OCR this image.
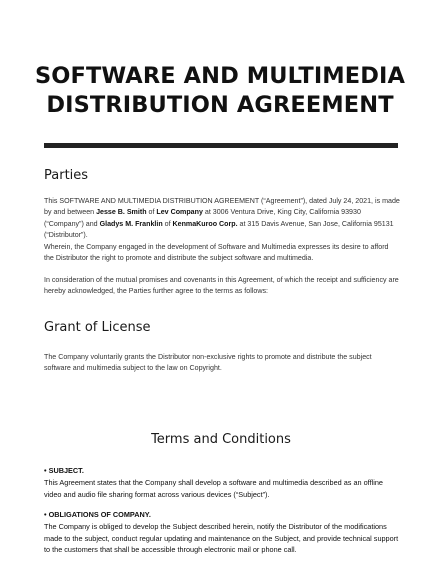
SOFTWARE AND MULTIMEDIA DISTRIBUTION AGREEMENT
Parties

This SOFTWARE AND MULTIMEDIA DISTRIBUTION AGREEMENT (“Agreement”), dated July 24, 2021, is made by and between Jesse B. Smith of Lev Company at 3006 Ventura Drive, King City, California 93930 (“Company”) and Gladys M. Franklin of KenmaKuroo Corp. at 315 Davis Avenue, San Jose, California 95131 (“Distributor”).

Wherein, the Company engaged in the development of Software and Multimedia expresses its desire to afford the Distributor the right to promote and distribute the subject software and multimedia.

In consideration of the mutual promises and covenants in this Agreement, of which the receipt and sufficiency are hereby acknowledged, the Parties further agree to the terms as follows:

Grant of License

The Company voluntarily grants the Distributor non-exclusive rights to promote and distribute the subject software and multimedia subject to the law on Copyright.

Terms and Conditions

• SUBJECT.

This Agreement states that the Company shall develop a software and multimedia described as an offline video and audio file sharing format across various devices (“Subject”).

• OBLIGATIONS OF COMPANY.

The Company is obliged to develop the Subject described herein, notify the Distributor of the modifications made to the subject, conduct regular updating and maintenance on the Subject, and provide technical support to the customers that shall be accessible through electronic mail or phone call.
